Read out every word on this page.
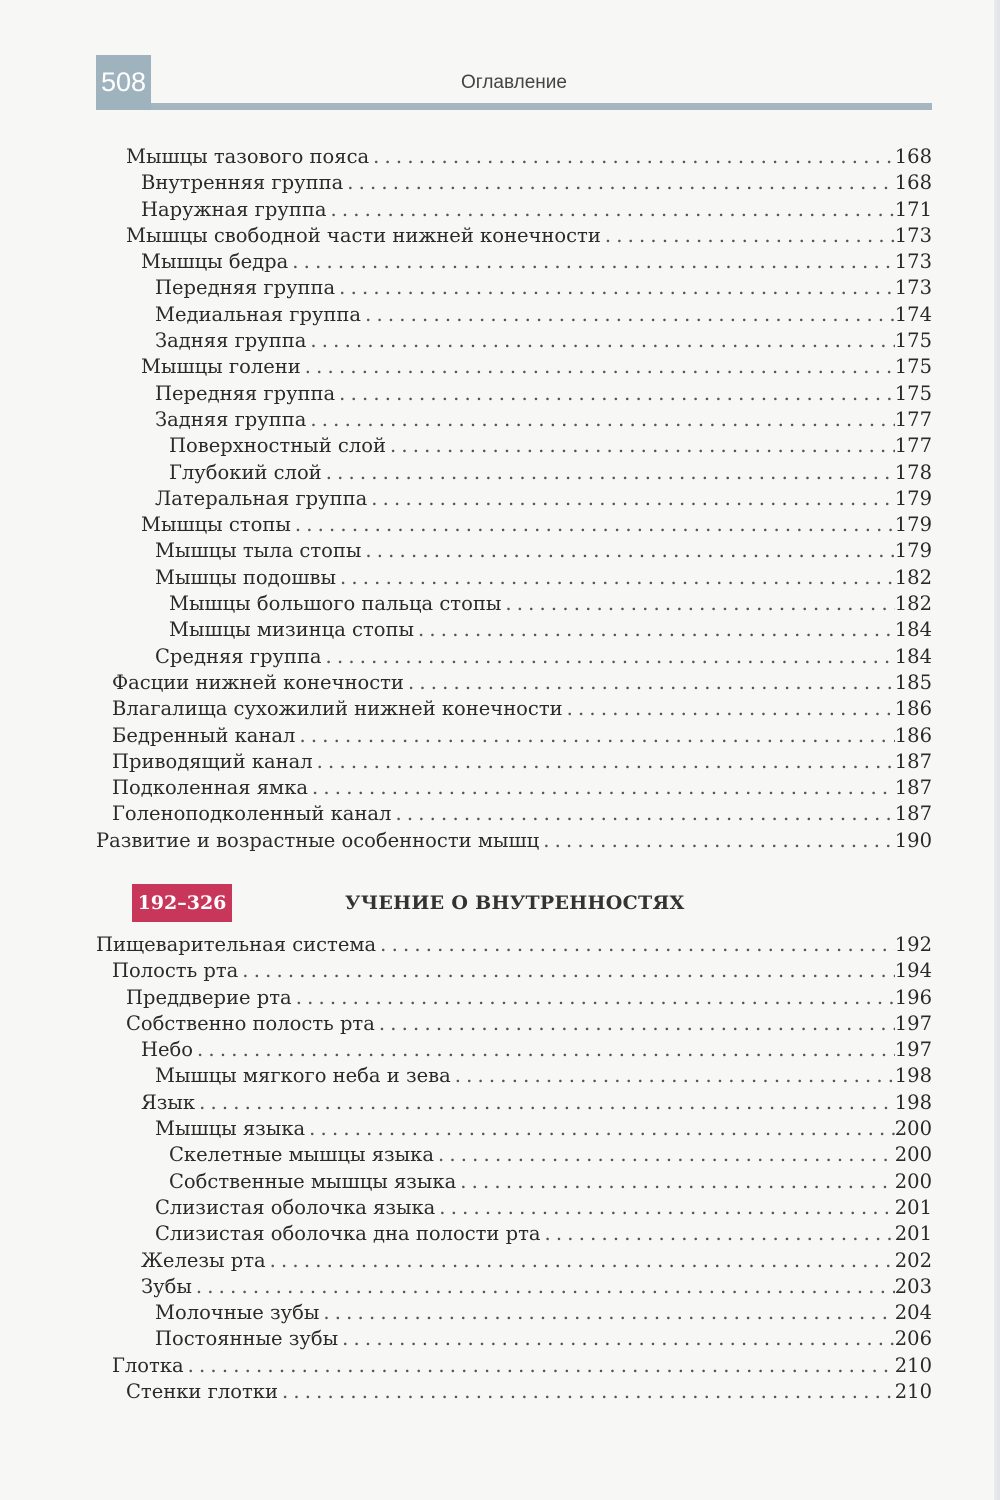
508	Оглавление
Мышцы тазового пояса . . .	168
Внутренняя группа . . .	168
Наружная группа . . .	171
Мышцы свободной части нижней конечности . . .	173
Мышцы бедра . . .	173
Передняя группа . . .	173
Медиальная группа . . .	174
Задняя группа . . .	175
Мышцы голени . . .	175
Передняя группа . . .	175
Задняя группа . . .	177
Поверхностный слой . . .	177
Глубокий слой . . .	178
Латеральная группа . . .	179
Мышцы стопы . . .	179
Мышцы тыла стопы . . .	179
Мышцы подошвы . . .	182
Мышцы большого пальца стопы . . .	182
Мышцы мизинца стопы . . .	184
Средняя группа . . .	184
Фасции нижней конечности . . .	185
Влагалища сухожилий нижней конечности . . .	186
Бедренный канал . . .	186
Приводящий канал . . .	187
Подколенная ямка . . .	187
Голеноподколенный канал . . .	187
Развитие и возрастные особенности мышц . . .	190
192–326	УЧЕНИЕ О ВНУТРЕННОСТЯХ
Пищеварительная система . . .	192
Полость рта . . .	194
Преддверие рта . . .	196
Собственно полость рта . . .	197
Небо . . .	197
Мышцы мягкого неба и зева . . .	198
Язык . . .	198
Мышцы языка . . .	200
Скелетные мышцы языка . . .	200
Собственные мышцы языка . . .	200
Слизистая оболочка языка . . .	201
Слизистая оболочка дна полости рта . . .	201
Железы рта . . .	202
Зубы . . .	203
Молочные зубы . . .	204
Постоянные зубы . . .	206
Глотка . . .	210
Стенки глотки . . .	210
